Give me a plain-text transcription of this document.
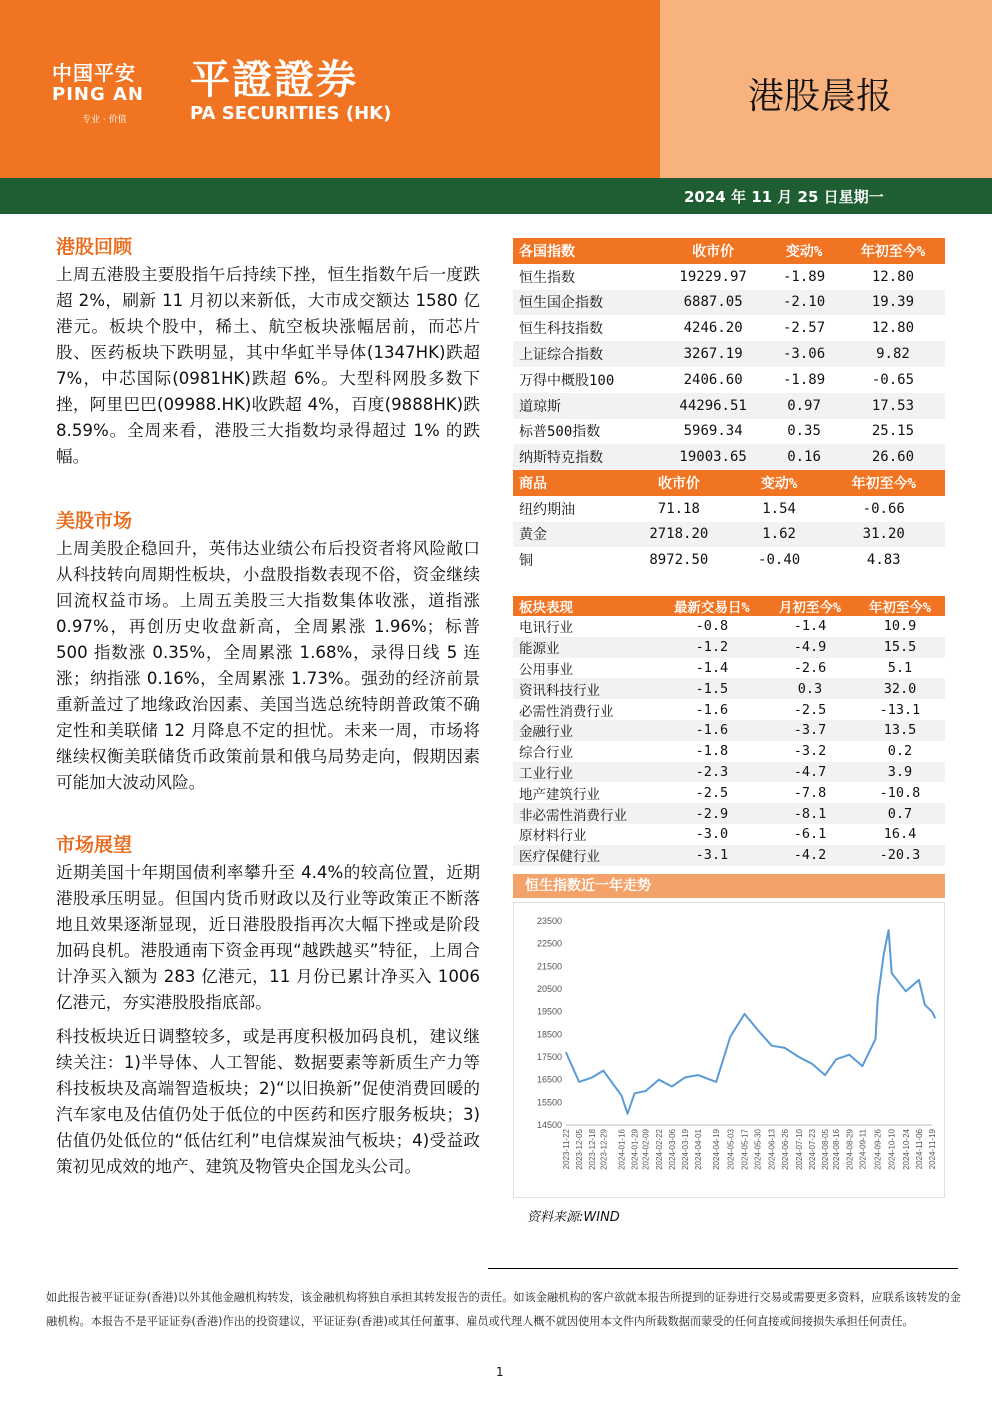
中国平安
PING AN
专业 · 价值
平證證券
PA SECURITIES (HK)	港股晨报
2024 年 11 月 25 日星期一
港股回顾
上周五港股主要股指午后持续下挫，恒生指数午后一度跌超 2%，刷新 11 月初以来新低，大市成交额达 1580 亿港元。板块个股中，稀土、航空板块涨幅居前，而芯片股、医药板块下跌明显，其中华虹半导体(1347HK)跌超 7%，中芯国际(0981HK)跌超 6%。大型科网股多数下挫，阿里巴巴(09988.HK)收跌超 4%，百度(9888HK)跌 8.59%。全周来看，港股三大指数均录得超过 1% 的跌幅。
美股市场
上周美股企稳回升，英伟达业绩公布后投资者将风险敞口从科技转向周期性板块，小盘股指数表现不俗，资金继续回流权益市场。上周五美股三大指数集体收涨，道指涨 0.97%，再创历史收盘新高，全周累涨 1.96%；标普 500 指数涨 0.35%，全周累涨 1.68%，录得日线 5 连涨；纳指涨 0.16%，全周累涨 1.73%。强劲的经济前景重新盖过了地缘政治因素、美国当选总统特朗普政策不确定性和美联储 12 月降息不定的担忧。未来一周，市场将继续权衡美联储货币政策前景和俄乌局势走向，假期因素可能加大波动风险。
市场展望
近期美国十年期国债利率攀升至 4.4%的较高位置，近期港股承压明显。但国内货币财政以及行业等政策正不断落地且效果逐渐显现，近日港股股指再次大幅下挫或是阶段加码良机。港股通南下资金再现“越跌越买”特征，上周合计净买入额为 283 亿港元，11 月份已累计净买入 1006 亿港元，夯实港股股指底部。
科技板块近日调整较多，或是再度积极加码良机，建议继续关注：1)半导体、人工智能、数据要素等新质生产力等科技板块及高端智造板块；2)“以旧换新”促使消费回暖的汽车家电及估值仍处于低位的中医药和医疗服务板块；3)估值仍处低位的“低估红利”电信煤炭油气板块；4)受益政策初见成效的地产、建筑及物管央企国龙头公司。
各国指数	收市价	变动%	年初至今%
恒生指数	19229.97	-1.89	12.80
恒生国企指数	6887.05	-2.10	19.39
恒生科技指数	4246.20	-2.57	12.80
上证综合指数	3267.19	-3.06	9.82
万得中概股100	2406.60	-1.89	-0.65
道琼斯	44296.51	0.97	17.53
标普500指数	5969.34	0.35	25.15
纳斯特克指数	19003.65	0.16	26.60
商品	收市价	变动%	年初至今%
纽约期油	71.18	1.54	-0.66
黄金	2718.20	1.62	31.20
铜	8972.50	-0.40	4.83
板块表现	最新交易日%	月初至今%	年初至今%
电讯行业	-0.8	-1.4	10.9
能源业	-1.2	-4.9	15.5
公用事业	-1.4	-2.6	5.1
资讯科技行业	-1.5	0.3	32.0
必需性消费行业	-1.6	-2.5	-13.1
金融行业	-1.6	-3.7	13.5
综合行业	-1.8	-3.2	0.2
工业行业	-2.3	-4.7	3.9
地产建筑行业	-2.5	-7.8	-10.8
非必需性消费行业	-2.9	-8.1	0.7
原材料行业	-3.0	-6.1	16.4
医疗保健行业	-3.1	-4.2	-20.3
恒生指数近一年走势
14500
15500
16500
17500
18500
19500
20500
21500
22500
23500
2023-11-22 2023-12-05 2023-12-18 2023-12-29 2024-01-16 2024-01-29 2024-02-09 2024-02-22 2024-03-06 2024-03-19 2024-04-01 2024-04-19 2024-05-03 2024-05-17 2024-05-30 2024-06-13 2024-06-26 2024-07-10 2024-07-23 2024-08-05 2024-08-16 2024-08-29 2024-09-11 2024-09-26 2024-10-10 2024-10-24 2024-11-06 2024-11-19
资料来源:WIND
如此报告被平证证券(香港)以外其他金融机构转发，该金融机构将独自承担其转发报告的责任。如该金融机构的客户欲就本报告所提到的证券进行交易或需要更多资料，应联系该转发的金融机构。本报告不是平证证券(香港)作出的投资建议，平证证券(香港)或其任何董事、雇员或代理人概不就因使用本文件内所载数据而蒙受的任何直接或间接损失承担任何责任。
1
